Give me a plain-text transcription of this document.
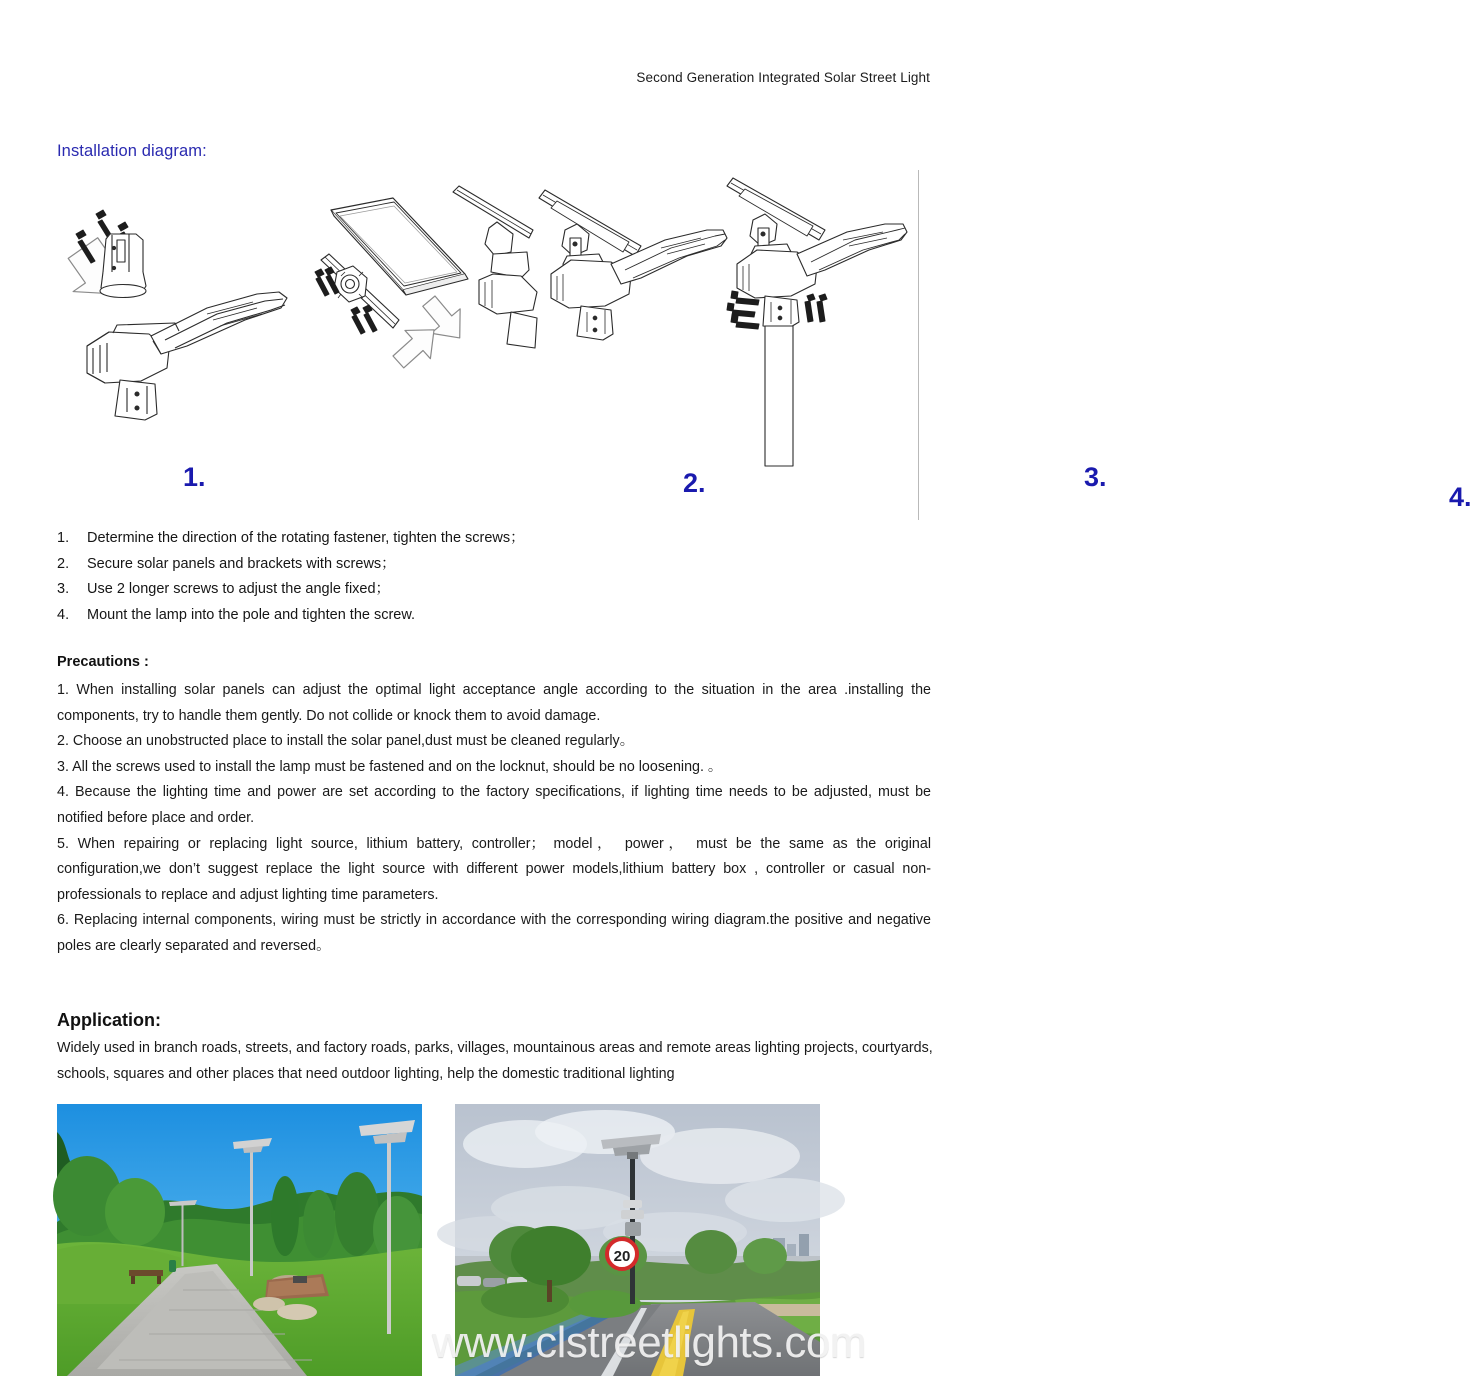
Second Generation Integrated Solar Street Light
Installation diagram:
1.	2.	3.
4.
1.	Determine the direction of the rotating fastener, tighten the screws；
2.	Secure solar panels and brackets with screws；
3.	Use 2 longer screws to adjust the angle fixed；
4.	Mount the lamp into the pole and tighten the screw.
Precautions :

1. When installing solar panels can adjust the optimal light acceptance angle according to the situation in the area .installing the components, try to handle them gently. Do not collide or knock them to avoid damage.

2. Choose an unobstructed place to install the solar panel,dust must be cleaned regularly。

3. All the screws used to install the lamp must be fastened and on the locknut, should be no loosening. 。

4. Because the lighting time and power are set according to the factory specifications, if lighting time needs to be adjusted, must be notified before place and order.

5. When repairing or replacing light source, lithium battery, controller； model， power， must be the same as the original configuration,we don’t suggest replace the light source with different power models,lithium battery box , controller or casual non-professionals to replace and adjust lighting time parameters.

6. Replacing internal components, wiring must be strictly in accordance with the corresponding wiring diagram.the positive and negative poles are clearly separated and reversed。

Application:
Widely used in branch roads, streets, and factory roads, parks, villages, mountainous areas and remote areas lighting projects, courtyards, schools, squares and other places that need outdoor lighting, help the domestic traditional lighting
20
www.clstreetlights.com
